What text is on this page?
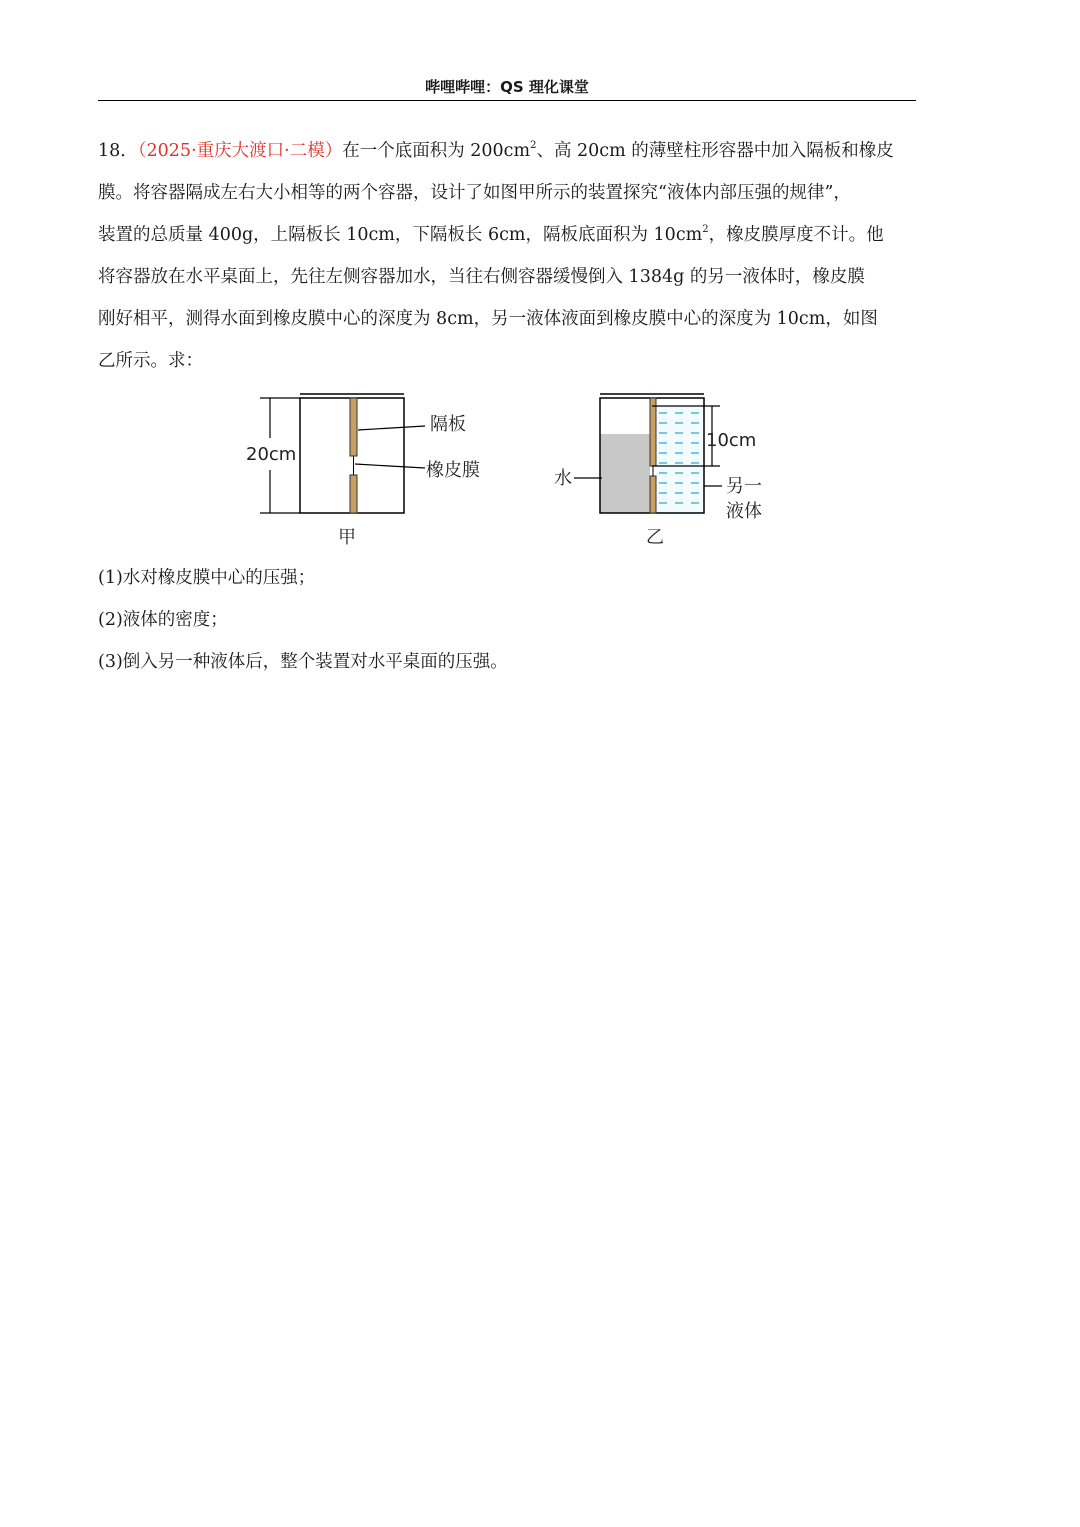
哔哩哔哩：QS 理化课堂
18．（2025·重庆大渡口·二模）在一个底面积为 $200cm^2$、高 20cm 的薄壁柱形容器中加入隔板和橡皮
膜。将容器隔成左右大小相等的两个容器，设计了如图甲所示的装置探究“液体内部压强的规律”，
装置的总质量 400g，上隔板长 10cm，下隔板长 6cm，隔板底面积为 $10cm^2$，橡皮膜厚度不计。他
将容器放在水平桌面上，先往左侧容器加水，当往右侧容器缓慢倒入 1384g 的另一液体时，橡皮膜
刚好相平，测得水面到橡皮膜中心的深度为 8cm，另一液体液面到橡皮膜中心的深度为 10cm，如图
乙所示。求：
20cm
隔板
橡皮膜
甲
10cm
水	另一
液体
乙
(1)水对橡皮膜中心的压强；
(2)液体的密度；
(3)倒入另一种液体后，整个装置对水平桌面的压强。
